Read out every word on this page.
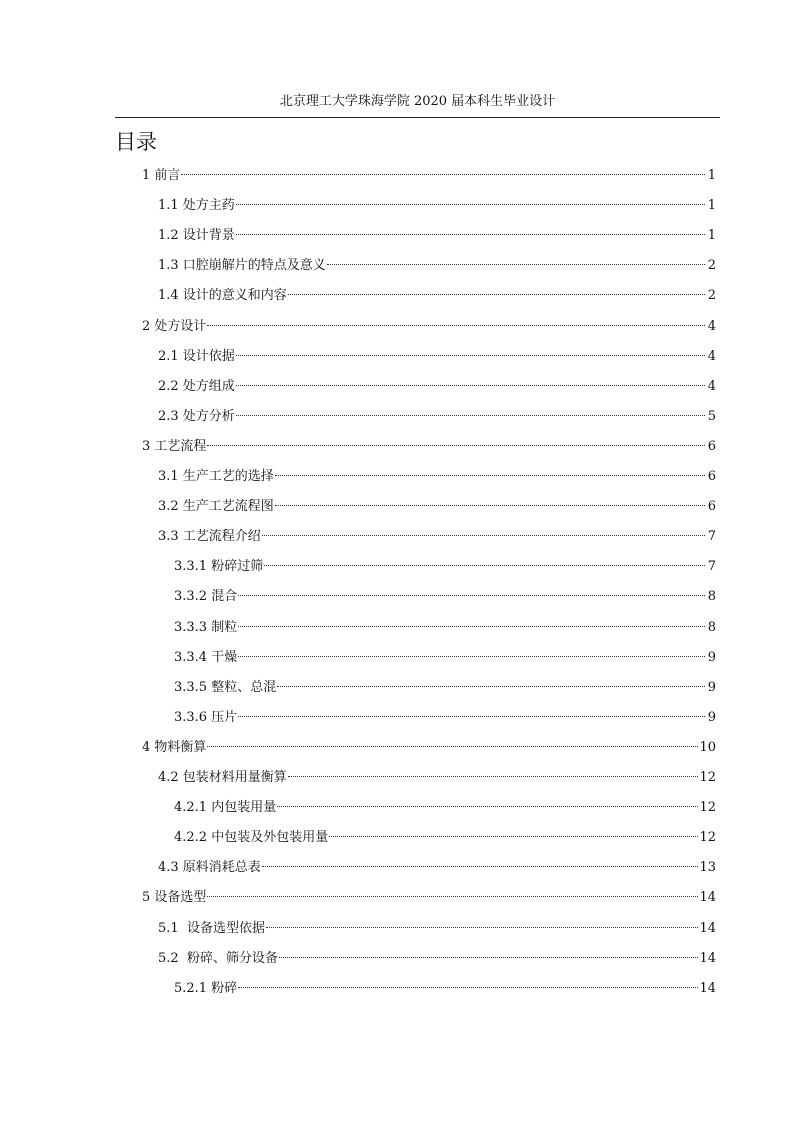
北京理工大学珠海学院 2020 届本科生毕业设计
目录
1 前言	1
1.1 处方主药	1
1.2 设计背景	1
1.3 口腔崩解片的特点及意义	2
1.4 设计的意义和内容	2
2 处方设计	4
2.1 设计依据	4
2.2 处方组成	4
2.3 处方分析	5
3 工艺流程	6
3.1 生产工艺的选择	6
3.2 生产工艺流程图	6
3.3 工艺流程介绍	7
3.3.1 粉碎过筛	7
3.3.2 混合	8
3.3.3 制粒	8
3.3.4 干燥	9
3.3.5 整粒、总混	9
3.3.6 压片	9
4 物料衡算	10
4.2 包装材料用量衡算	12
4.2.1 内包装用量	12
4.2.2 中包装及外包装用量	12
4.3 原料消耗总表	13
5 设备选型	14
5.1  设备选型依据	14
5.2  粉碎、筛分设备	14
5.2.1 粉碎	14
